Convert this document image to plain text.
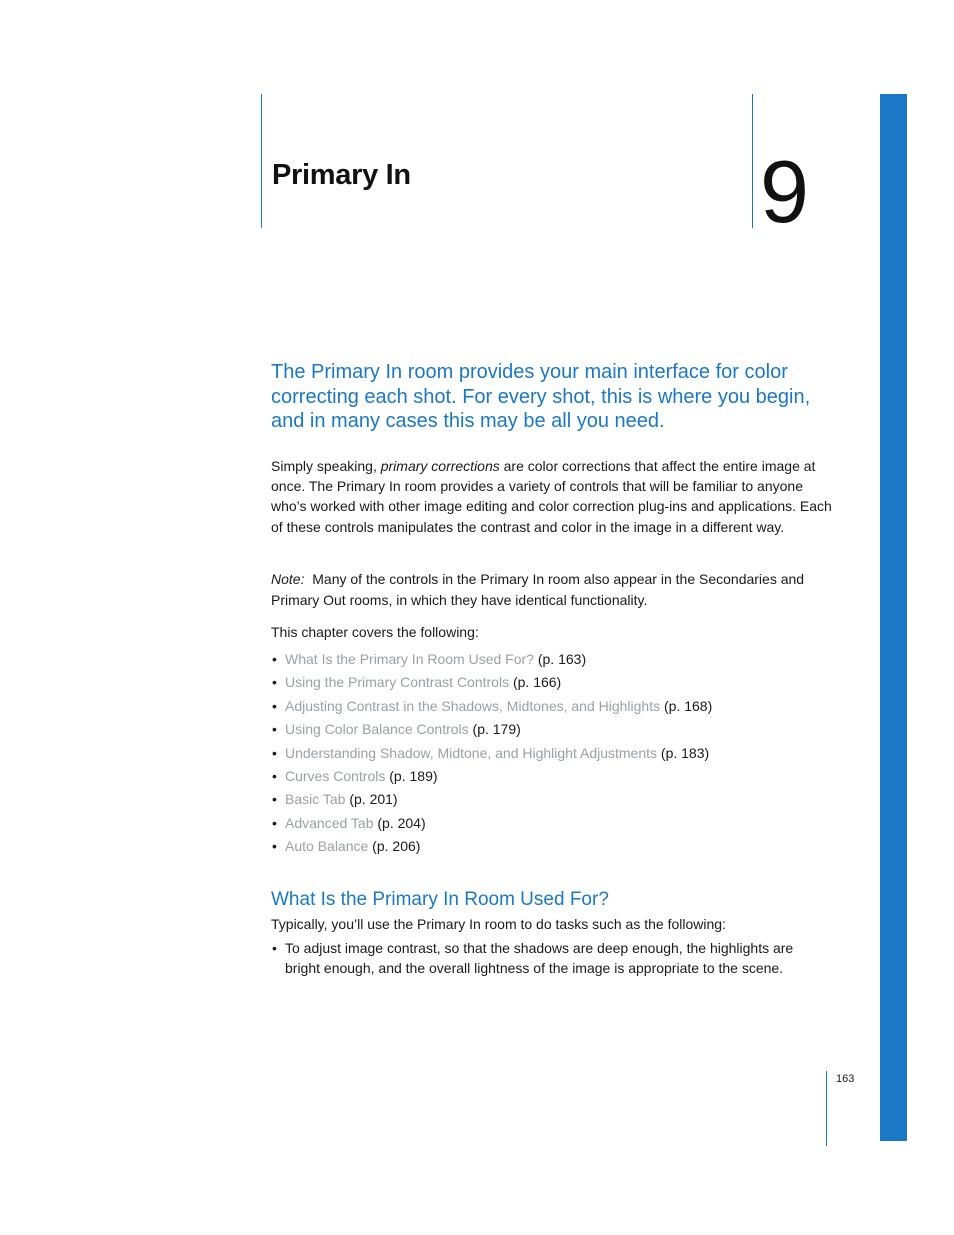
Primary In	9

The Primary In room provides your main interface for color correcting each shot. For every shot, this is where you begin, and in many cases this may be all you need.

Simply speaking, primary corrections are color corrections that affect the entire image at once. The Primary In room provides a variety of controls that will be familiar to anyone who’s worked with other image editing and color correction plug-ins and applications. Each of these controls manipulates the contrast and color in the image in a different way.

Note: Many of the controls in the Primary In room also appear in the Secondaries and Primary Out rooms, in which they have identical functionality.

This chapter covers the following:

• What Is the Primary In Room Used For? (p. 163)
• Using the Primary Contrast Controls (p. 166)
• Adjusting Contrast in the Shadows, Midtones, and Highlights (p. 168)
• Using Color Balance Controls (p. 179)
• Understanding Shadow, Midtone, and Highlight Adjustments (p. 183)
• Curves Controls (p. 189)
• Basic Tab (p. 201)
• Advanced Tab (p. 204)
• Auto Balance (p. 206)
What Is the Primary In Room Used For?

Typically, you’ll use the Primary In room to do tasks such as the following:

• To adjust image contrast, so that the shadows are deep enough, the highlights are bright enough, and the overall lightness of the image is appropriate to the scene.
163
